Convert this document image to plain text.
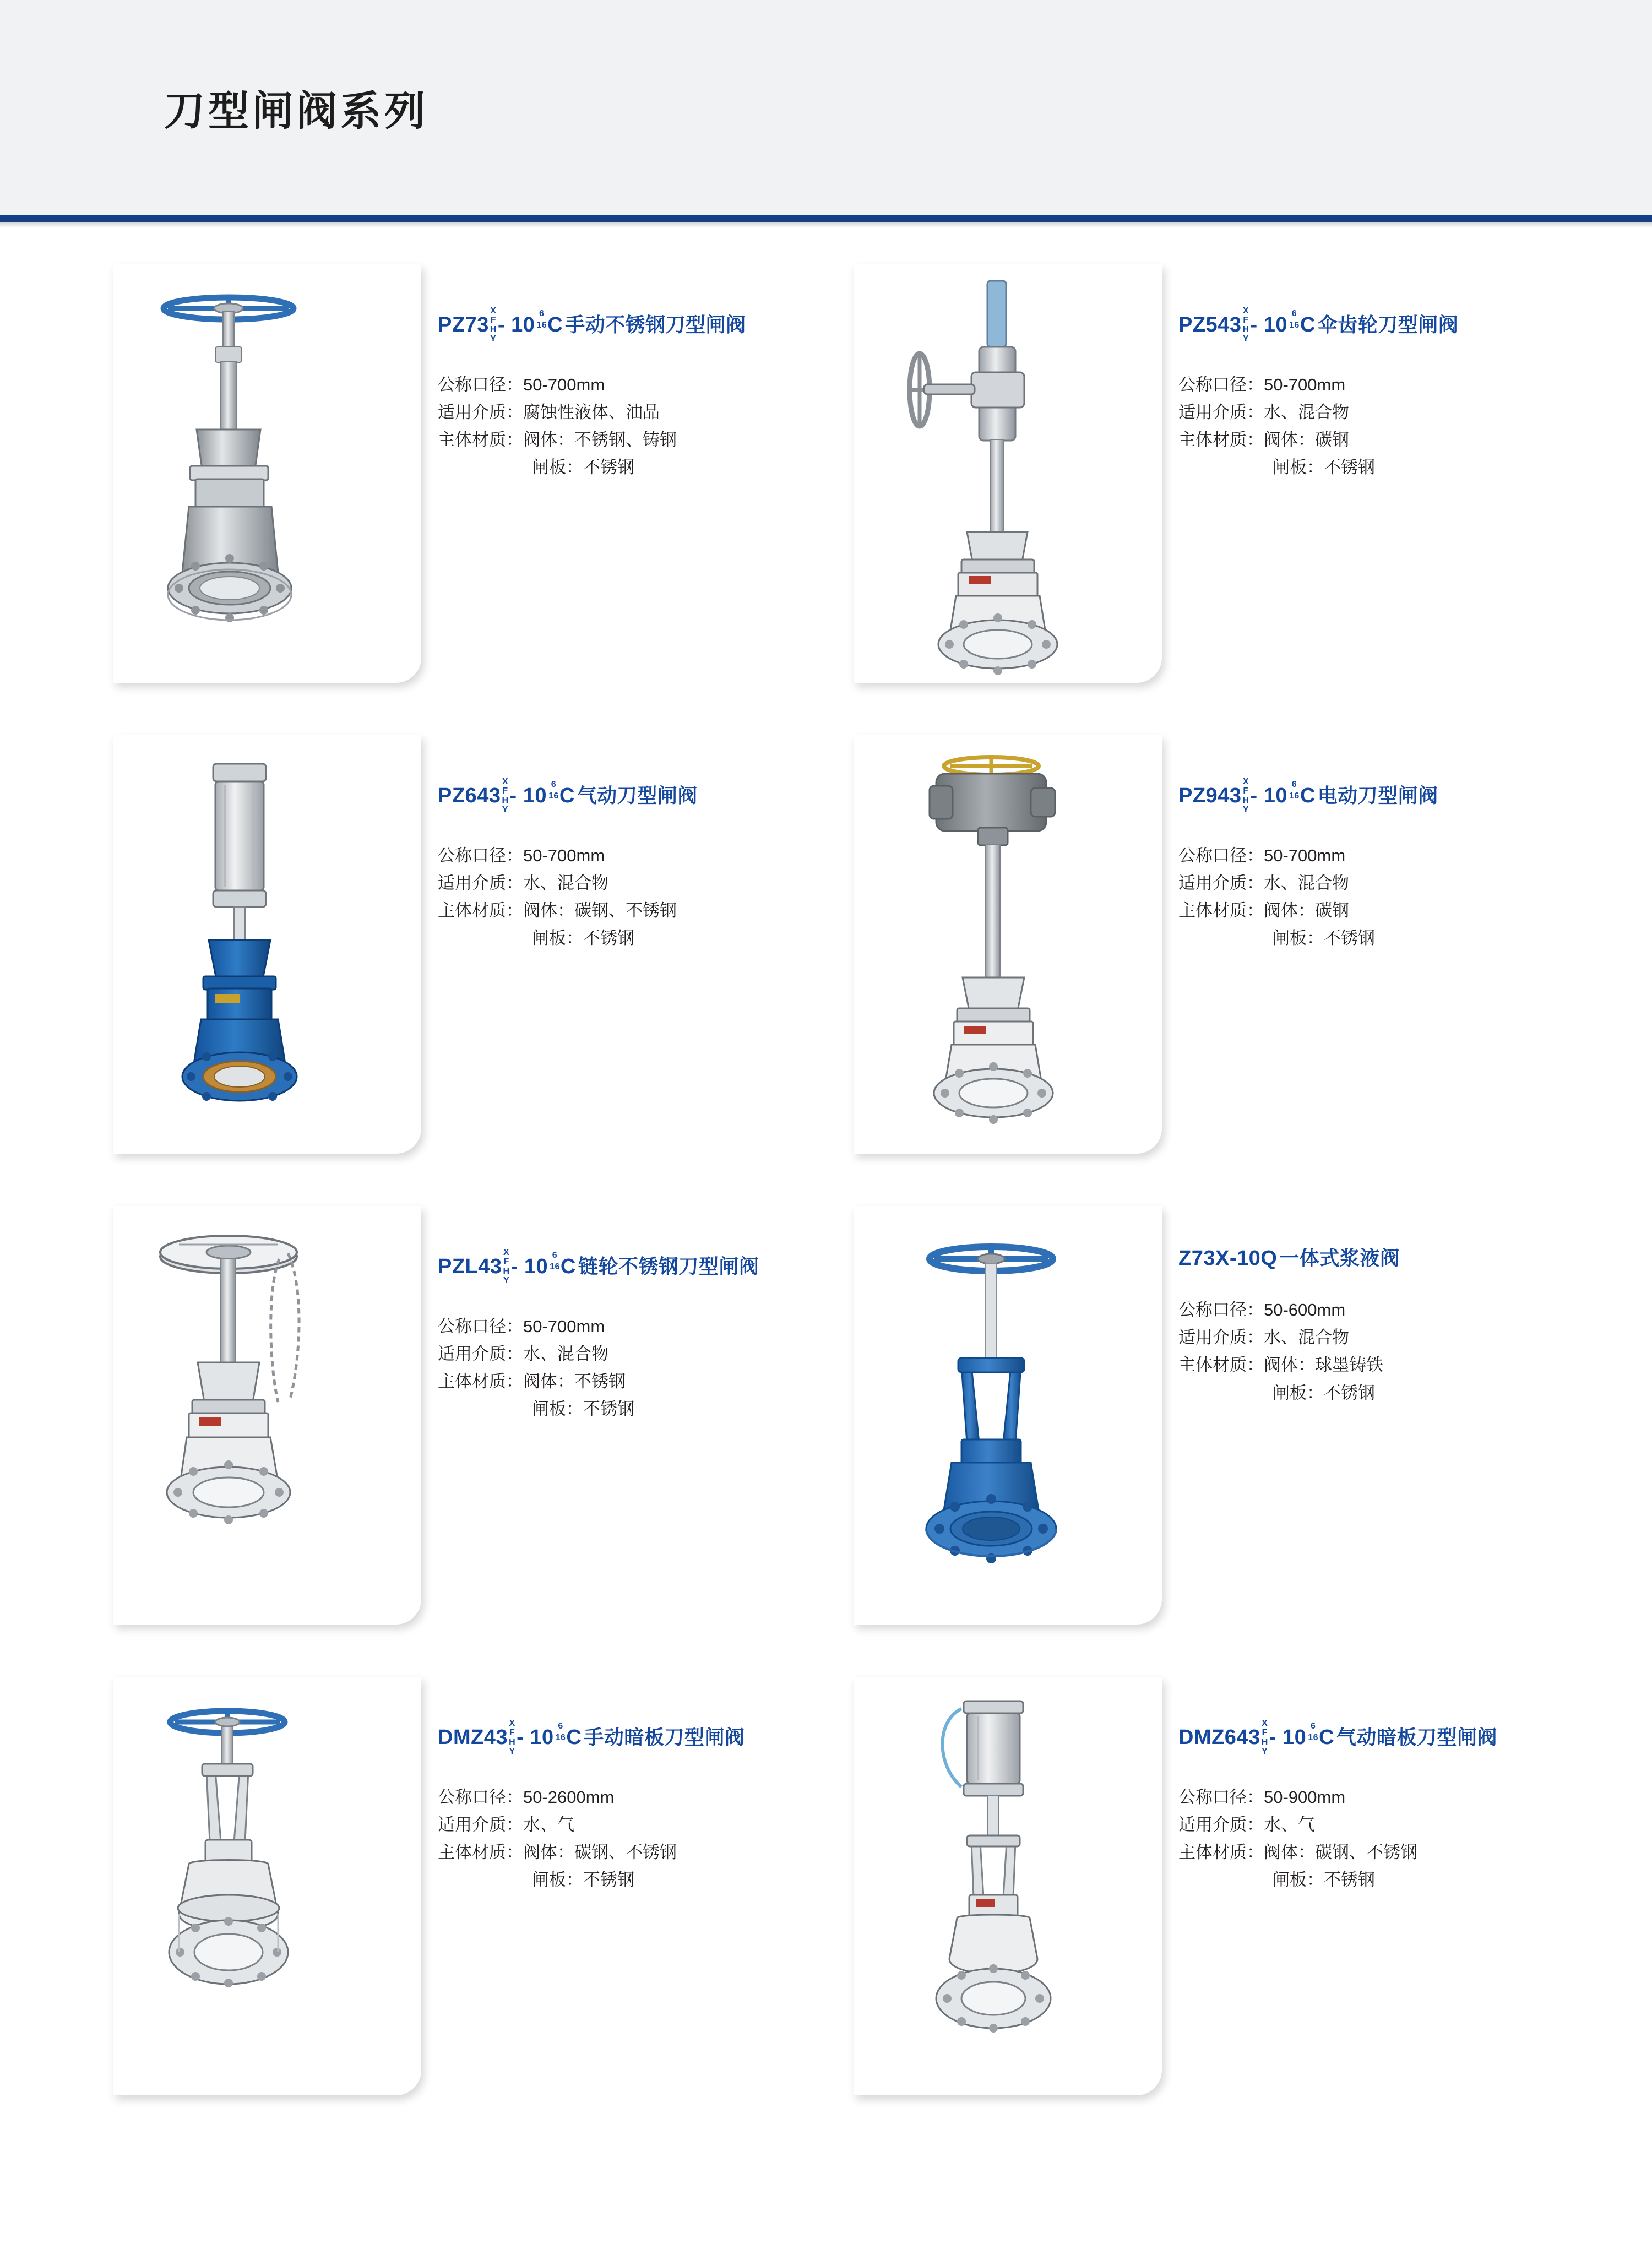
刀型闸阀系列
PZ73
X
F
H
Y
- 10 6
16 C 手动不锈钢刀型闸阀
公称口径： 50-700mm
适用介质： 腐蚀性液体、油品
主体材质： 阀体： 不锈钢、铸钢
闸板： 不锈钢
PZ543
X
F
H
Y
- 10 6
16 C 伞齿轮刀型闸阀
公称口径： 50-700mm
适用介质： 水、混合物
主体材质： 阀体： 碳钢
闸板： 不锈钢
PZ643
X
F
H
Y
- 10 6
16 C 气动刀型闸阀
公称口径： 50-700mm
适用介质： 水、混合物
主体材质： 阀体： 碳钢、不锈钢
闸板： 不锈钢
PZ943
X
F
H
Y
- 10 6
16 C 电动刀型闸阀
公称口径： 50-700mm
适用介质： 水、混合物
主体材质： 阀体： 碳钢
闸板： 不锈钢
PZL43
X
F
H
Y
- 10 6
16 C 链轮不锈钢刀型闸阀
公称口径： 50-700mm
适用介质： 水、混合物
主体材质： 阀体： 不锈钢
闸板： 不锈钢
Z73X-10Q 一体式浆液阀
公称口径： 50-600mm
适用介质： 水、混合物
主体材质： 阀体： 球墨铸铁
闸板： 不锈钢
DMZ43
X
F
H
Y
- 10 6
16 C 手动暗板刀型闸阀
公称口径： 50-2600mm
适用介质： 水、气
主体材质： 阀体： 碳钢、不锈钢
闸板： 不锈钢
DMZ643
X
F
H
Y
- 10 6
16 C 气动暗板刀型闸阀
公称口径： 50-900mm
适用介质： 水、气
主体材质： 阀体： 碳钢、不锈钢
闸板： 不锈钢
